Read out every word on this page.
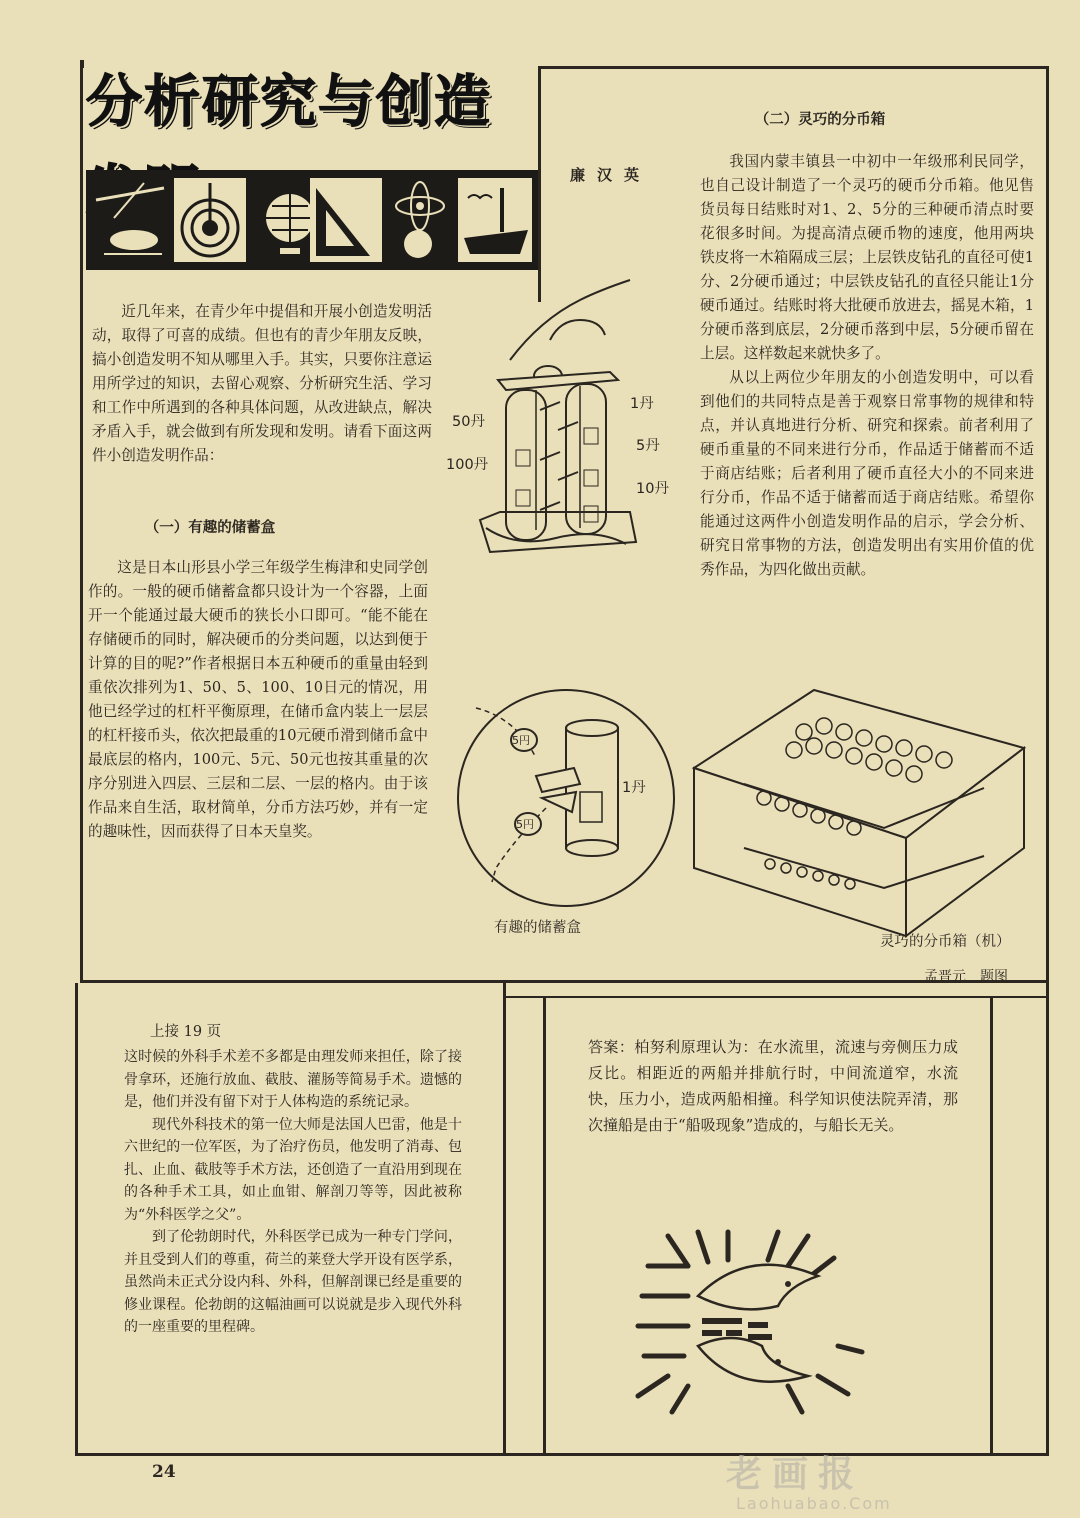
分析研究与创造
廉汉英

近几年来，在青少年中提倡和开展小创造发明活动，取得了可喜的成绩。但也有的青少年朋友反映，搞小创造发明不知从哪里入手。其实，只要你注意运用所学过的知识，去留心观察、分析研究生活、学习和工作中所遇到的各种具体问题，从改进缺点，解决矛盾入手，就会做到有所发现和发明。请看下面这两件小创造发明作品：

（一）有趣的储蓄盒

这是日本山形县小学三年级学生梅津和史同学创作的。一般的硬币储蓄盒都只设计为一个容器，上面开一个能通过最大硬币的狭长小口即可。“能不能在存储硬币的同时，解决硬币的分类问题，以达到便于计算的目的呢?”作者根据日本五种硬币的重量由轻到重依次排列为1、50、5、100、10日元的情况，用他已经学过的杠杆平衡原理，在储币盒内装上一层层的杠杆接币头，依次把最重的10元硬币滑到储币盒中最底层的格内，100元、5元、50元也按其重量的次序分别进入四层、三层和二层、一层的格内。由于该作品来自生活，取材简单，分币方法巧妙，并有一定的趣味性，因而获得了日本天皇奖。

1丹
50丹
5丹
100丹
10丹
（二）灵巧的分币箱

我国内蒙丰镇县一中初中一年级邢利民同学，也自己设计制造了一个灵巧的硬币分币箱。他见售货员每日结账时对1、2、5分的三种硬币清点时要花很多时间。为提高清点硬币物的速度，他用两块铁皮将一木箱隔成三层；上层铁皮钻孔的直径可使1分、2分硬币通过；中层铁皮钻孔的直径只能让1分硬币通过。结账时将大批硬币放进去，摇晃木箱，1分硬币落到底层，2分硬币落到中层，5分硬币留在上层。这样数起来就快多了。

从以上两位少年朋友的小创造发明中，可以看到他们的共同特点是善于观察日常事物的规律和特点，并认真地进行分析、研究和探索。前者利用了硬币重量的不同来进行分币，作品适于储蓄而不适于商店结账；后者利用了硬币直径大小的不同来进行分币，作品不适于储蓄而适于商店结账。希望你能通过这两件小创造发明作品的启示，学会分析、研究日常事物的方法，创造发明出有实用价值的优秀作品，为四化做出贡献。

5円
5円
1丹
有趣的储蓄盒
灵巧的分币箱（机）
孟晋元　题图
上接 19 页

这时候的外科手术差不多都是由理发师来担任，除了接骨拿环，还施行放血、截肢、灌肠等简易手术。遗憾的是，他们并没有留下对于人体构造的系统记录。

现代外科技术的第一位大师是法国人巴雷，他是十六世纪的一位军医，为了治疗伤员，他发明了消毒、包扎、止血、截肢等手术方法，还创造了一直沿用到现在的各种手术工具，如止血钳、解剖刀等等，因此被称为“外科医学之父”。

到了伦勃朗时代，外科医学已成为一种专门学问，并且受到人们的尊重，荷兰的莱登大学开设有医学系，虽然尚未正式分设内科、外科，但解剖课已经是重要的修业课程。伦勃朗的这幅油画可以说就是步入现代外科的一座重要的里程碑。

答案：柏努利原理认为：在水流里，流速与旁侧压力成反比。相距近的两船并排航行时，中间流道窄，水流快，压力小，造成两船相撞。科学知识使法院弄清，那次撞船是由于“船吸现象”造成的，与船长无关。

24	老画报
Laohuabao.Com
